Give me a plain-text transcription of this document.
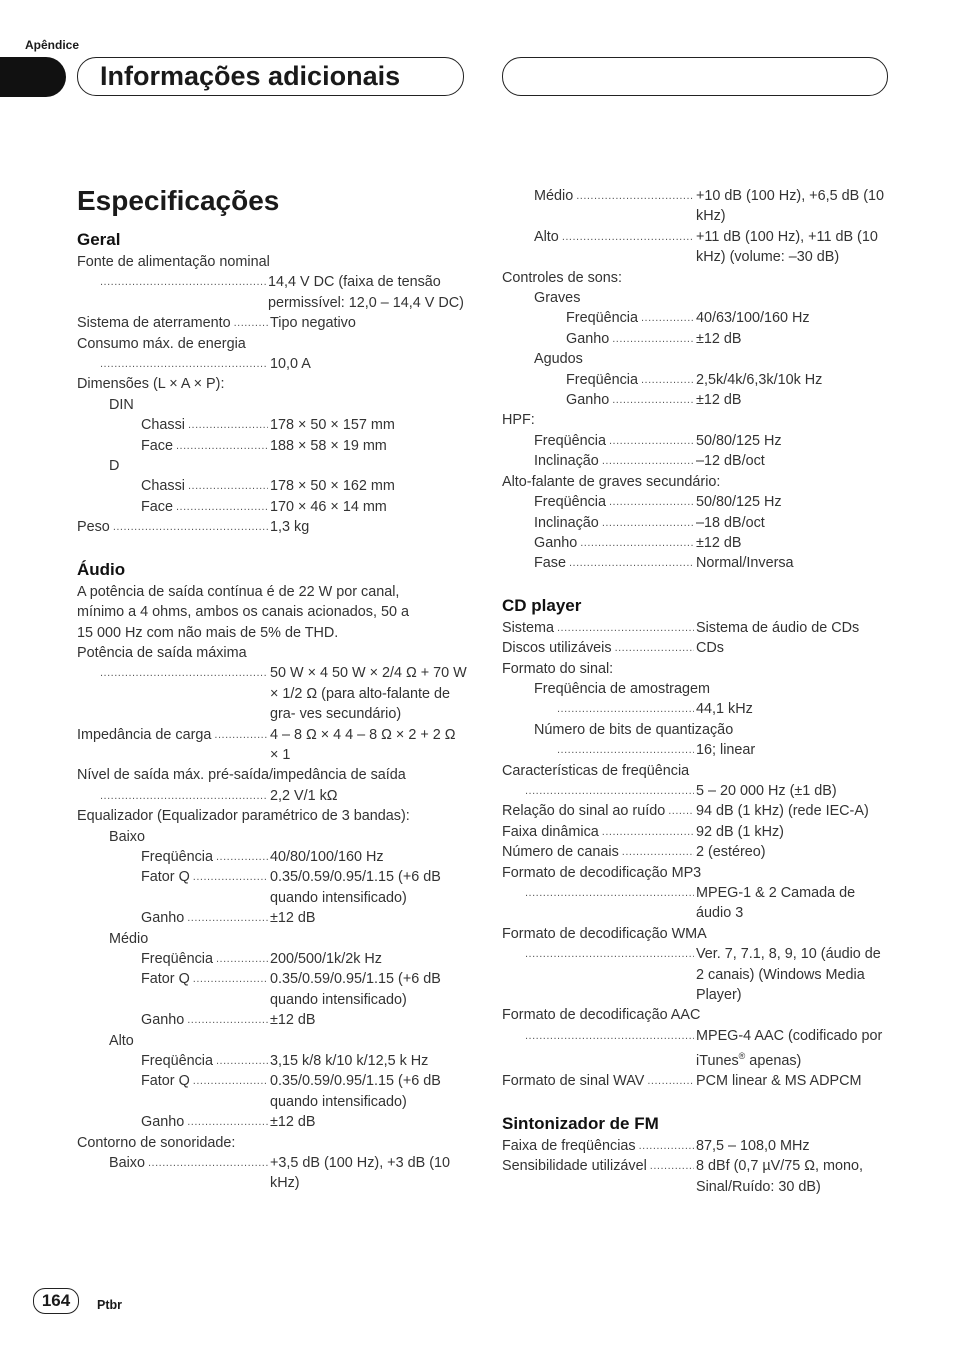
Apêndice
Informações adicionais
Especificações
Geral
Fonte de alimentação nominal
.....
14,4 V DC (faixa de tensão permissível: 12,0 – 14,4 V DC)
Sistema de aterramento .....	Tipo negativo
Consumo máx. de energia
.....
10,0 A
Dimensões (L × A × P):
DIN
Chassi .....	178 × 50 × 157 mm
Face .....	188 × 58 × 19 mm
D
Chassi .....	178 × 50 × 162 mm
Face .....	170 × 46 × 14 mm
Peso .....	1,3 kg
Áudio
A potência de saída contínua é de 22 W por canal,
mínimo a 4 ohms, ambos os canais acionados, 50 a
15 000 Hz com não mais de 5% de THD.
Potência de saída máxima
.....
50 W × 4 50 W × 2/4 Ω + 70 W × 1/2 Ω (para alto-falante de gra- ves secundário)
Impedância de carga .....	4 – 8 Ω × 4 4 – 8 Ω × 2 + 2 Ω × 1
Nível de saída máx. pré-saída/impedância de saída
.....
2,2 V/1 kΩ
Equalizador (Equalizador paramétrico de 3 bandas):
Baixo
Freqüência .....	40/80/100/160 Hz
Fator Q .....	0.35/0.59/0.95/1.15 (+6 dB quando intensificado)
Ganho .....	±12 dB
Médio
Freqüência .....	200/500/1k/2k Hz
Fator Q .....	0.35/0.59/0.95/1.15 (+6 dB quando intensificado)
Ganho .....	±12 dB
Alto
Freqüência .....	3,15 k/8 k/10 k/12,5 k Hz
Fator Q .....	0.35/0.59/0.95/1.15 (+6 dB quando intensificado)
Ganho .....	±12 dB
Contorno de sonoridade:
Baixo .....	+3,5 dB (100 Hz), +3 dB (10 kHz)
Médio .....	+10 dB (100 Hz), +6,5 dB (10 kHz)
Alto .....	+11 dB (100 Hz), +11 dB (10 kHz) (volume: –30 dB)
Controles de sons:
Graves
Freqüência .....	40/63/100/160 Hz
Ganho .....	±12 dB
Agudos
Freqüência .....	2,5k/4k/6,3k/10k Hz
Ganho .....	±12 dB
HPF:
Freqüência .....	50/80/125 Hz
Inclinação .....	–12 dB/oct
Alto-falante de graves secundário:
Freqüência .....	50/80/125 Hz
Inclinação .....	–18 dB/oct
Ganho .....	±12 dB
Fase .....	Normal/Inversa
CD player
Sistema .....	Sistema de áudio de CDs
Discos utilizáveis .....	CDs
Formato do sinal:
Freqüência de amostragem
.....
44,1 kHz
Número de bits de quantização
.....
16; linear
Características de freqüência
.....
5 – 20 000 Hz (±1 dB)
Relação do sinal ao ruído ..... 94 dB (1 kHz) (rede IEC-A)
Faixa dinâmica .....	92 dB (1 kHz)
Número de canais .....	2 (estéreo)
Formato de decodificação MP3
.....
MPEG-1 & 2 Camada de áudio 3
Formato de decodificação WMA
.....
Ver. 7, 7.1, 8, 9, 10 (áudio de 2 canais) (Windows Media Player)
Formato de decodificação AAC
.....
MPEG-4 AAC (codificado por iTunes® apenas)
Formato de sinal WAV .....	PCM linear & MS ADPCM
Sintonizador de FM
Faixa de freqüências .....	87,5 – 108,0 MHz
Sensibilidade utilizável .....	8 dBf (0,7 µV/75 Ω, mono, Sinal/Ruído: 30 dB)
164	Ptbr
